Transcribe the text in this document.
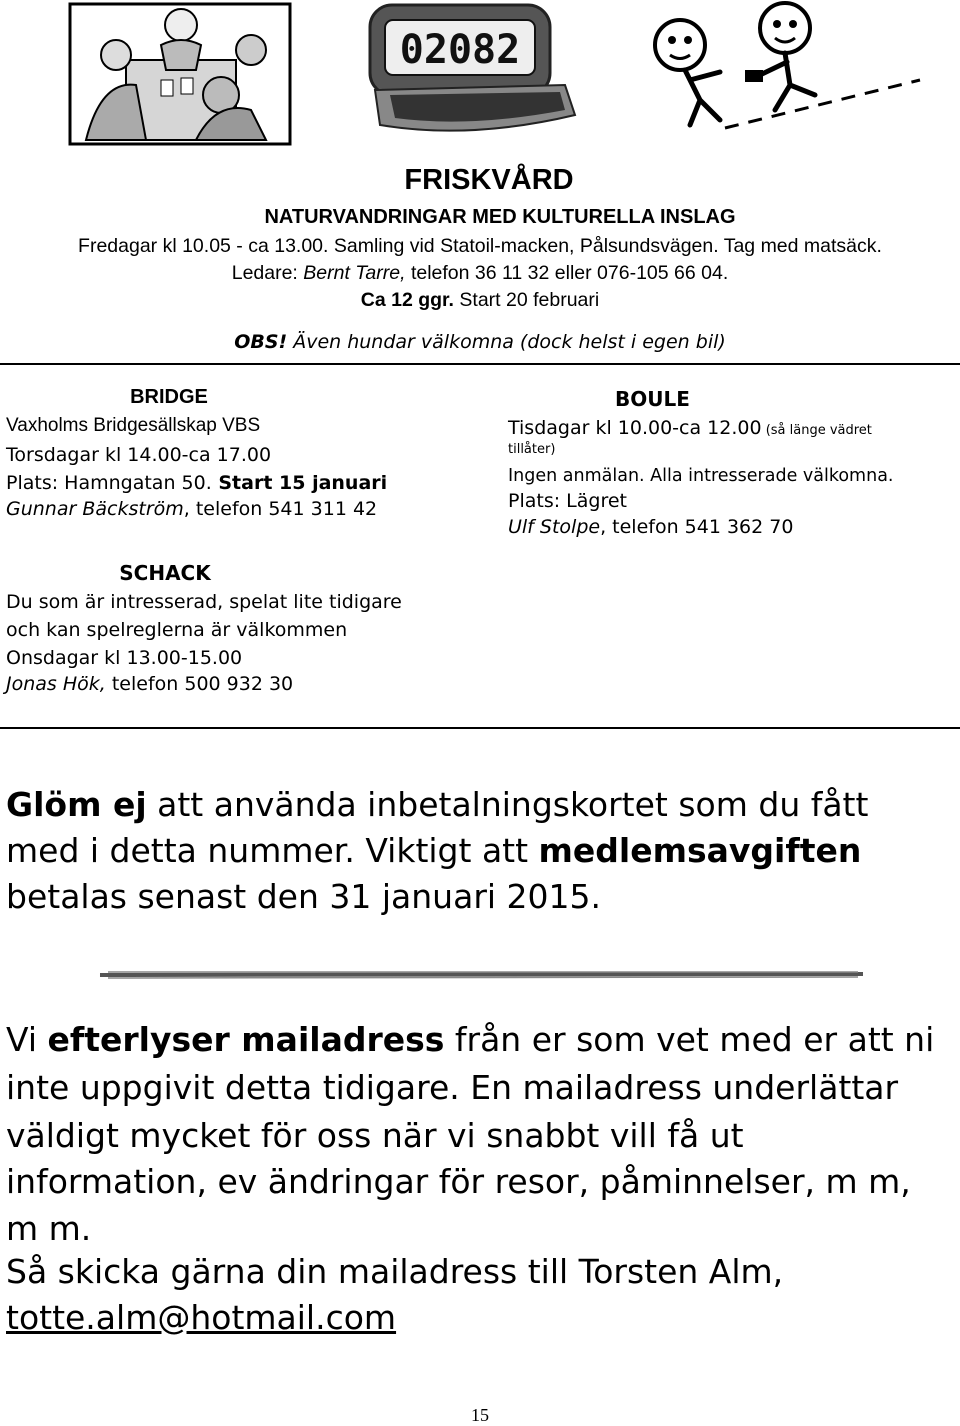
02082
FRISKVÅRD
NATURVANDRINGAR MED KULTURELLA INSLAG
Fredagar kl 10.05 - ca 13.00. Samling vid Statoil-macken, Pålsundsvägen. Tag med matsäck.
Ledare: Bernt Tarre, telefon 36 11 32 eller 076-105 66 04.
Ca 12 ggr. Start 20 februari
OBS! Även hundar välkomna (dock helst i egen bil)
BRIDGE
Vaxholms Bridgesällskap VBS
Torsdagar kl 14.00-ca 17.00
Plats: Hamngatan 50. Start 15 januari
Gunnar Bäckström, telefon 541 311 42
BOULE
Tisdagar kl 10.00-ca 12.00 (så länge vädret
tillåter)
Ingen anmälan. Alla intresserade välkomna.
Plats: Lägret
Ulf Stolpe, telefon 541 362 70
SCHACK
Du som är intresserad, spelat lite tidigare
och kan spelreglerna är välkommen
Onsdagar kl 13.00-15.00
Jonas Hök, telefon 500 932 30
Glöm ej att använda inbetalningskortet som du fått
med i detta nummer. Viktigt att medlemsavgiften
betalas senast den 31 januari 2015.
Vi efterlyser mailadress från er som vet med er att ni
inte uppgivit detta tidigare. En mailadress underlättar
väldigt mycket för oss när vi snabbt vill få ut
information, ev ändringar för resor, påminnelser, m m,
m m.
Så skicka gärna din mailadress till Torsten Alm,
totte.alm@hotmail.com
15
